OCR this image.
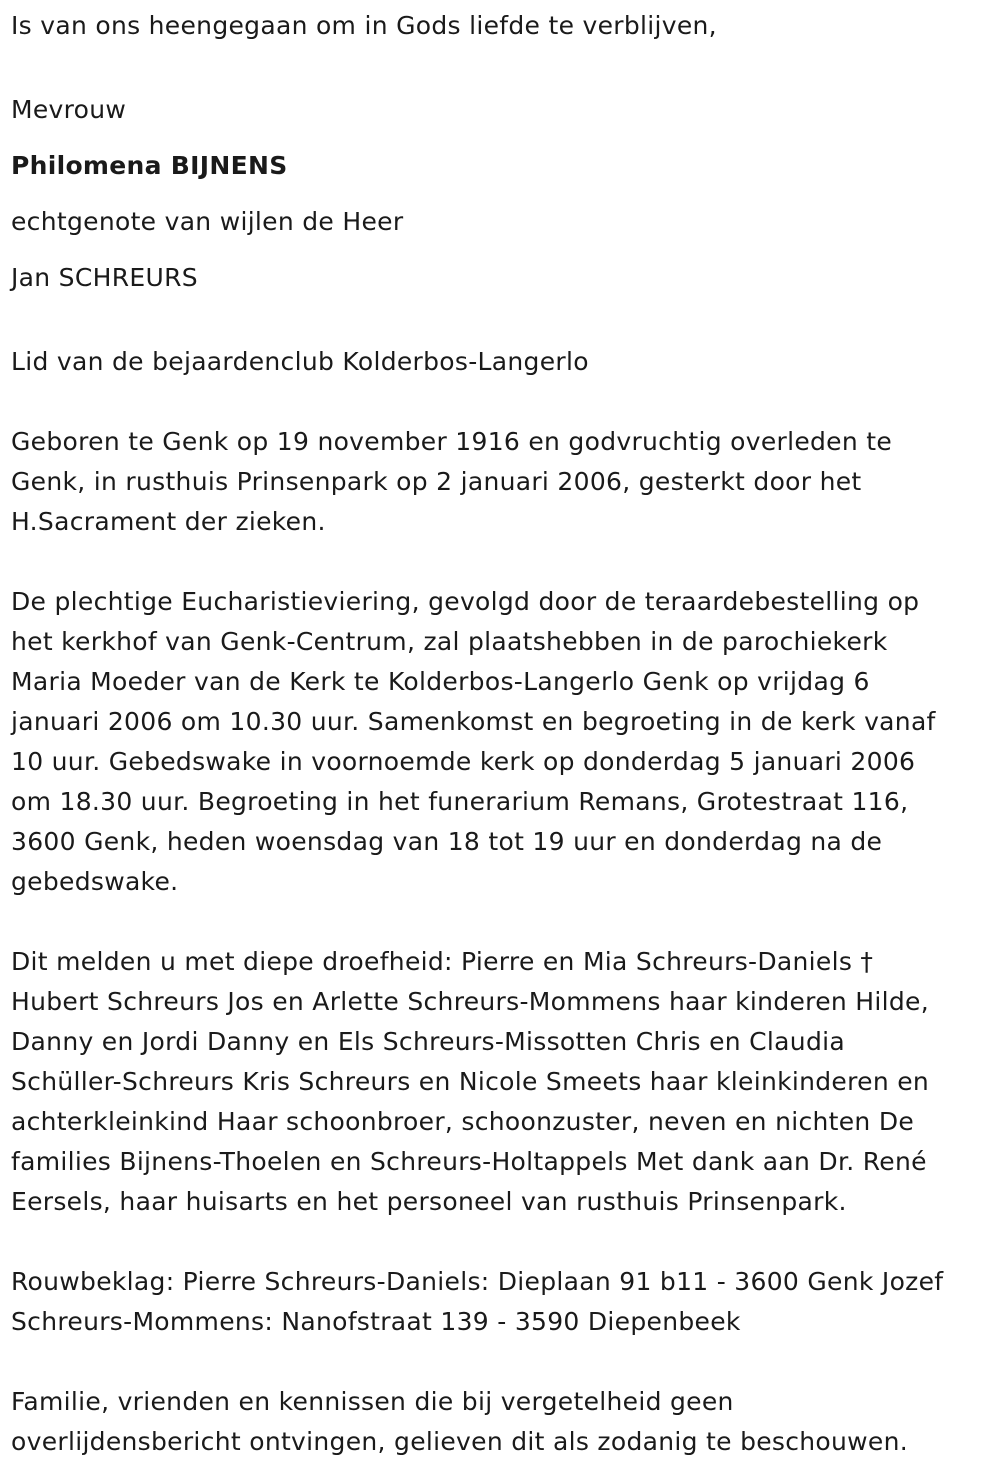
Is van ons heengegaan om in Gods liefde te verblijven,
Mevrouw
Philomena BIJNENS
echtgenote van wijlen de Heer
Jan SCHREURS
Lid van de bejaardenclub Kolderbos-Langerlo
Geboren te Genk op 19 november 1916 en godvruchtig overleden te
Genk, in rusthuis Prinsenpark op 2 januari 2006, gesterkt door het
H.Sacrament der zieken.
De plechtige Eucharistieviering, gevolgd door de teraardebestelling op
het kerkhof van Genk-Centrum, zal plaatshebben in de parochiekerk
Maria Moeder van de Kerk te Kolderbos-Langerlo Genk op vrijdag 6
januari 2006 om 10.30 uur. Samenkomst en begroeting in de kerk vanaf
10 uur. Gebedswake in voornoemde kerk op donderdag 5 januari 2006
om 18.30 uur. Begroeting in het funerarium Remans, Grotestraat 116,
3600 Genk, heden woensdag van 18 tot 19 uur en donderdag na de
gebedswake.
Dit melden u met diepe droefheid: Pierre en Mia Schreurs-Daniels †
Hubert Schreurs Jos en Arlette Schreurs-Mommens haar kinderen Hilde,
Danny en Jordi Danny en Els Schreurs-Missotten Chris en Claudia
Schüller-Schreurs Kris Schreurs en Nicole Smeets haar kleinkinderen en
achterkleinkind Haar schoonbroer, schoonzuster, neven en nichten De
families Bijnens-Thoelen en Schreurs-Holtappels Met dank aan Dr. René
Eersels, haar huisarts en het personeel van rusthuis Prinsenpark.
Rouwbeklag: Pierre Schreurs-Daniels: Dieplaan 91 b11 - 3600 Genk Jozef
Schreurs-Mommens: Nanofstraat 139 - 3590 Diepenbeek
Familie, vrienden en kennissen die bij vergetelheid geen
overlijdensbericht ontvingen, gelieven dit als zodanig te beschouwen.
